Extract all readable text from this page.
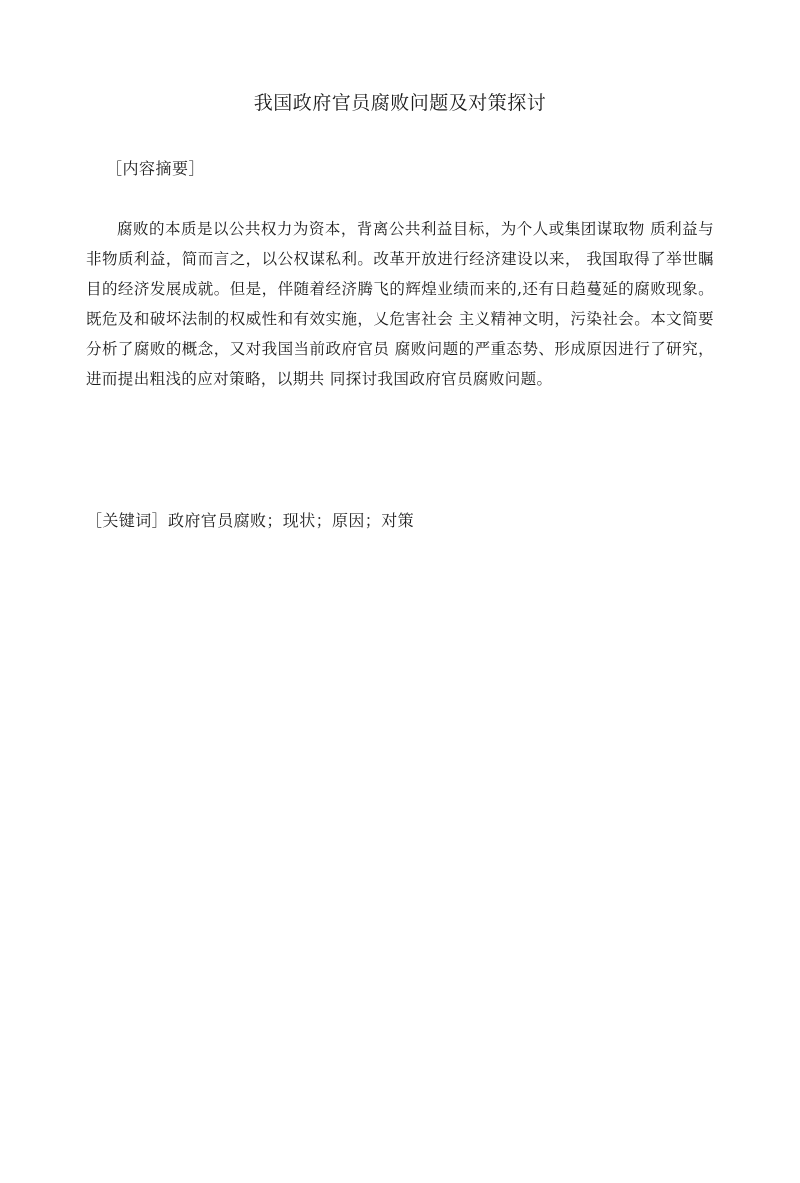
我国政府官员腐败问题及对策探讨
［内容摘要］

腐败的本质是以公共权力为资本，背离公共利益目标，为个人或集团谋取物 质利益与非物质利益，简而言之，以公权谋私利。改革开放进行经济建设以来， 我国取得了举世瞩目的经济发展成就。但是，伴随着经济腾飞的辉煌业绩而来的,还有日趋蔓延的腐败现象。既危及和破坏法制的权威性和有效实施，乂危害社会 主义精神文明，污染社会。本文简要分析了腐败的概念，又对我国当前政府官员 腐败问题的严重态势、形成原因进行了研究，进而提出粗浅的应对策略，以期共 同探讨我国政府官员腐败问题。

［关键词］政府官员腐败；现状；原因；对策
